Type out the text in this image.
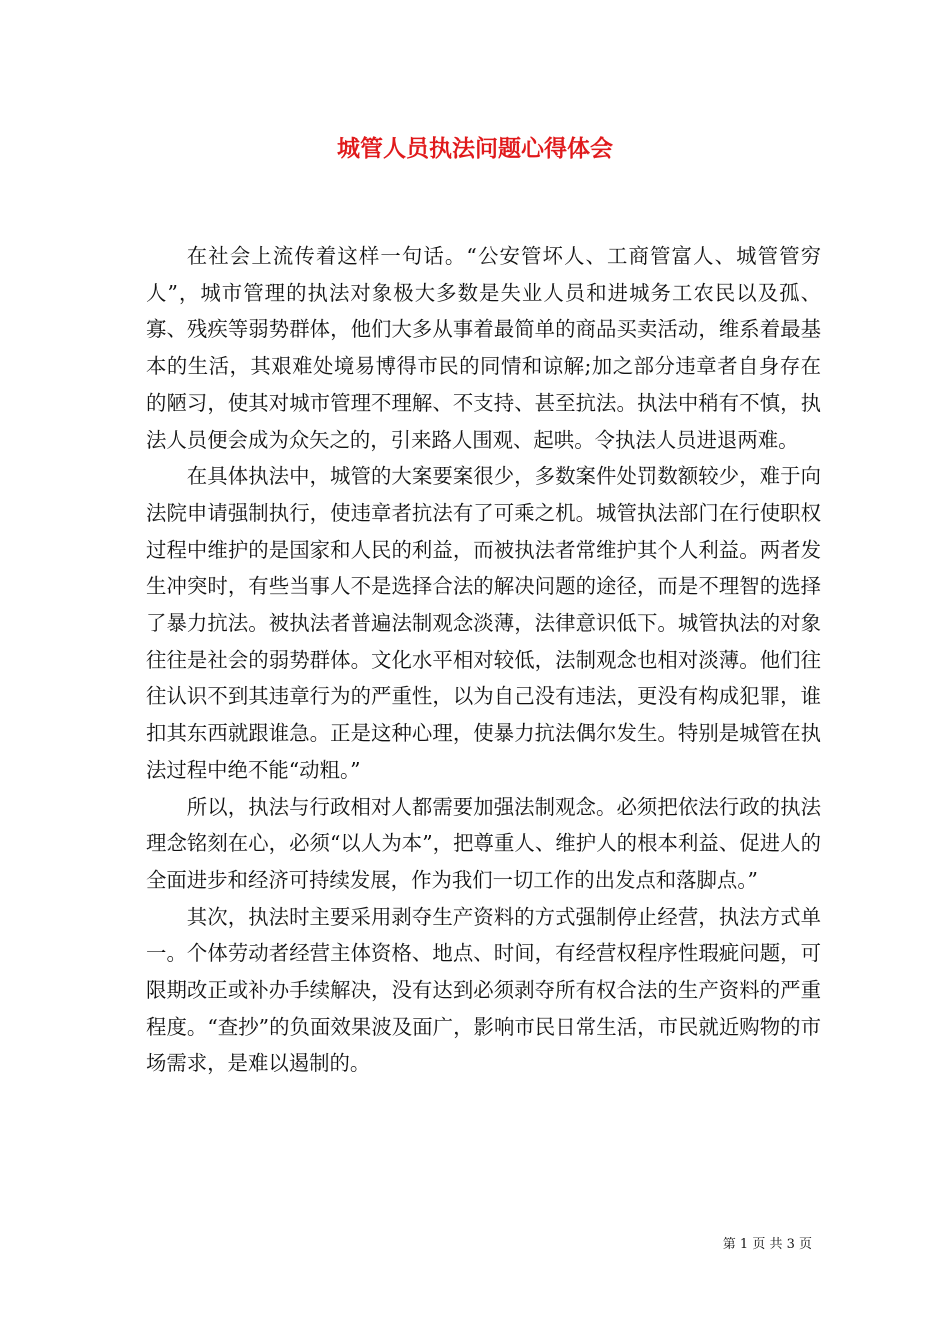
城管人员执法问题心得体会

在社会上流传着这样一句话。“公安管坏人、工商管富人、城管管穷人”，城市管理的执法对象极大多数是失业人员和进城务工农民以及孤、寡、残疾等弱势群体，他们大多从事着最简单的商品买卖活动，维系着最基本的生活，其艰难处境易博得市民的同情和谅解;加之部分违章者自身存在的陋习，使其对城市管理不理解、不支持、甚至抗法。执法中稍有不慎，执法人员便会成为众矢之的，引来路人围观、起哄。令执法人员进退两难。

在具体执法中，城管的大案要案很少，多数案件处罚数额较少，难于向法院申请强制执行，使违章者抗法有了可乘之机。城管执法部门在行使职权过程中维护的是国家和人民的利益，而被执法者常维护其个人利益。两者发生冲突时，有些当事人不是选择合法的解决问题的途径，而是不理智的选择了暴力抗法。被执法者普遍法制观念淡薄，法律意识低下。城管执法的对象往往是社会的弱势群体。文化水平相对较低，法制观念也相对淡薄。他们往往认识不到其违章行为的严重性，以为自己没有违法，更没有构成犯罪，谁扣其东西就跟谁急。正是这种心理，使暴力抗法偶尔发生。特别是城管在执法过程中绝不能“动粗。”

所以，执法与行政相对人都需要加强法制观念。必须把依法行政的执法理念铭刻在心，必须“以人为本”，把尊重人、维护人的根本利益、促进人的全面进步和经济可持续发展，作为我们一切工作的出发点和落脚点。”

其次，执法时主要采用剥夺生产资料的方式强制停止经营，执法方式单一。个体劳动者经营主体资格、地点、时间，有经营权程序性瑕疵问题，可限期改正或补办手续解决，没有达到必须剥夺所有权合法的生产资料的严重程度。“查抄”的负面效果波及面广，影响市民日常生活，市民就近购物的市场需求，是难以遏制的。

第 1 页 共 3 页
